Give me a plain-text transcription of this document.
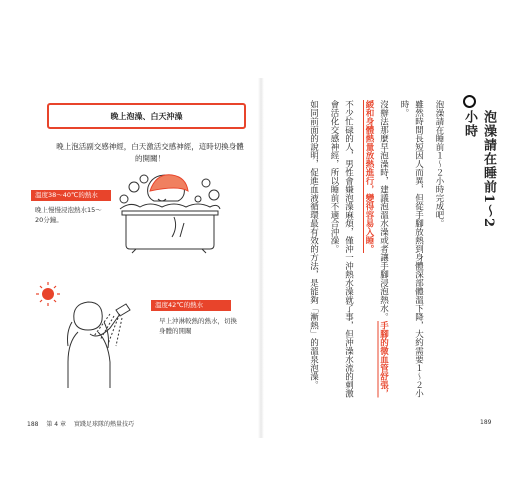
晚上泡澡、白天沖澡
晚上泡活副交感神經，白天激活交感神經，這時切換身體的開關！
溫度38～40℃的熱水
晚上慢慢浸泡熱水15～20分鐘。
溫度42℃的熱水
早上沖淋較熱的熱水，切換身體的開關
188 第 4 章 實踐足球隊的熱量技巧
泡澡請在睡前1～2小時

泡澡請在睡前１～２小時完成吧。

雖然時間長短因人而異，但從手腳放熱到身體深部體溫下降，大約需要１～２小時。

沒辦法那麼早泡澡時，建議泡溫水澡或者讓手腳浸泡熱水。手腳的微血管舒張，緩和身體熱量放熱進行，變得容易入睡。

不少忙碌的人，男性會嫌泡澡麻煩，僅沖一沖熱水澡就了事，但沖澡水流的刺激會活化交感神經，所以睡前不適合沖澡。

如同前面的說明，促進血液循環最有效的方法，是能夠「漸熱」的溫泉泡澡。

189
